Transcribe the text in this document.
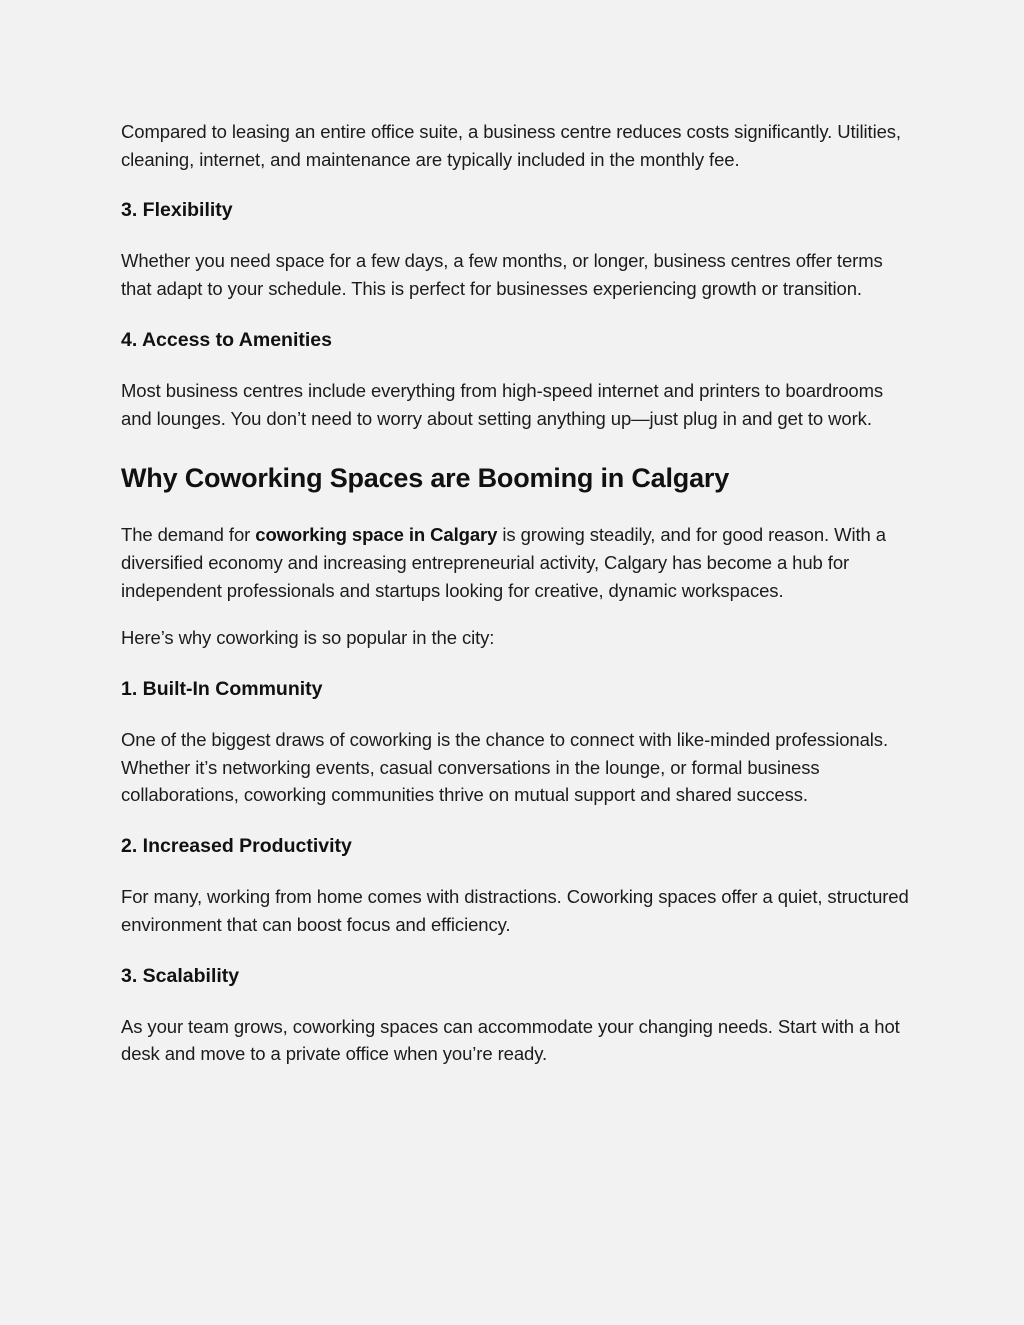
Compared to leasing an entire office suite, a business centre reduces costs significantly. Utilities, cleaning, internet, and maintenance are typically included in the monthly fee.

3. Flexibility

Whether you need space for a few days, a few months, or longer, business centres offer terms that adapt to your schedule. This is perfect for businesses experiencing growth or transition.

4. Access to Amenities

Most business centres include everything from high-speed internet and printers to boardrooms and lounges. You don’t need to worry about setting anything up—just plug in and get to work.

Why Coworking Spaces are Booming in Calgary

The demand for coworking space in Calgary is growing steadily, and for good reason. With a diversified economy and increasing entrepreneurial activity, Calgary has become a hub for independent professionals and startups looking for creative, dynamic workspaces.

Here’s why coworking is so popular in the city:

1. Built-In Community

One of the biggest draws of coworking is the chance to connect with like-minded professionals. Whether it’s networking events, casual conversations in the lounge, or formal business collaborations, coworking communities thrive on mutual support and shared success.

2. Increased Productivity

For many, working from home comes with distractions. Coworking spaces offer a quiet, structured environment that can boost focus and efficiency.

3. Scalability

As your team grows, coworking spaces can accommodate your changing needs. Start with a hot desk and move to a private office when you’re ready.
